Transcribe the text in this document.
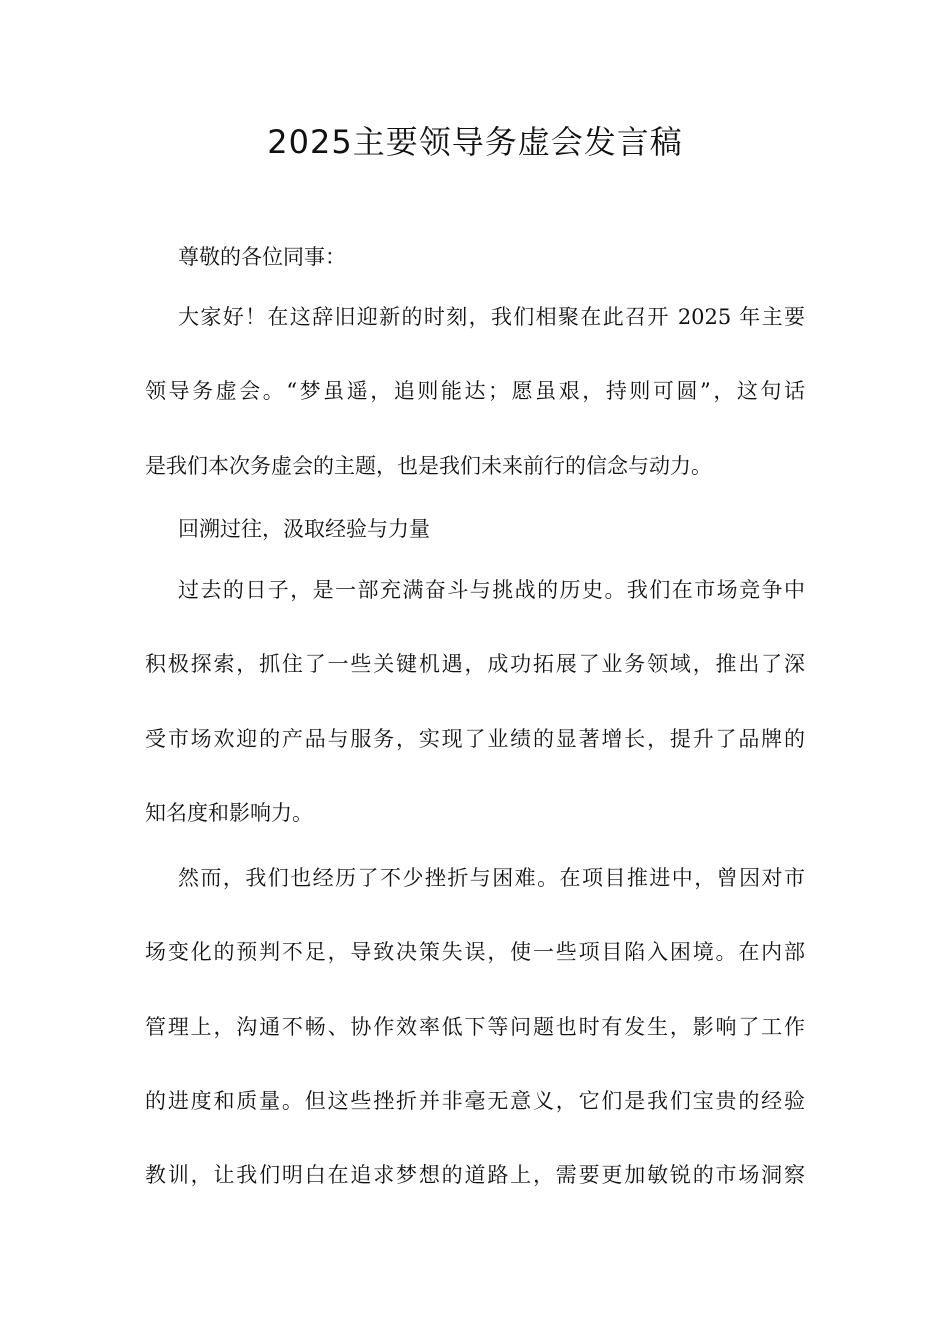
2025主要领导务虚会发言稿
尊敬的各位同事：
大家好！在这辞旧迎新的时刻，我们相聚在此召开 2025 年主要
领导务虚会。“梦虽遥，追则能达；愿虽艰，持则可圆”，这句话
是我们本次务虚会的主题，也是我们未来前行的信念与动力。
回溯过往，汲取经验与力量
过去的日子，是一部充满奋斗与挑战的历史。我们在市场竞争中
积极探索，抓住了一些关键机遇，成功拓展了业务领域，推出了深
受市场欢迎的产品与服务，实现了业绩的显著增长，提升了品牌的
知名度和影响力。
然而，我们也经历了不少挫折与困难。在项目推进中，曾因对市
场变化的预判不足，导致决策失误，使一些项目陷入困境。在内部
管理上，沟通不畅、协作效率低下等问题也时有发生，影响了工作
的进度和质量。但这些挫折并非毫无意义，它们是我们宝贵的经验
教训，让我们明白在追求梦想的道路上，需要更加敏锐的市场洞察
